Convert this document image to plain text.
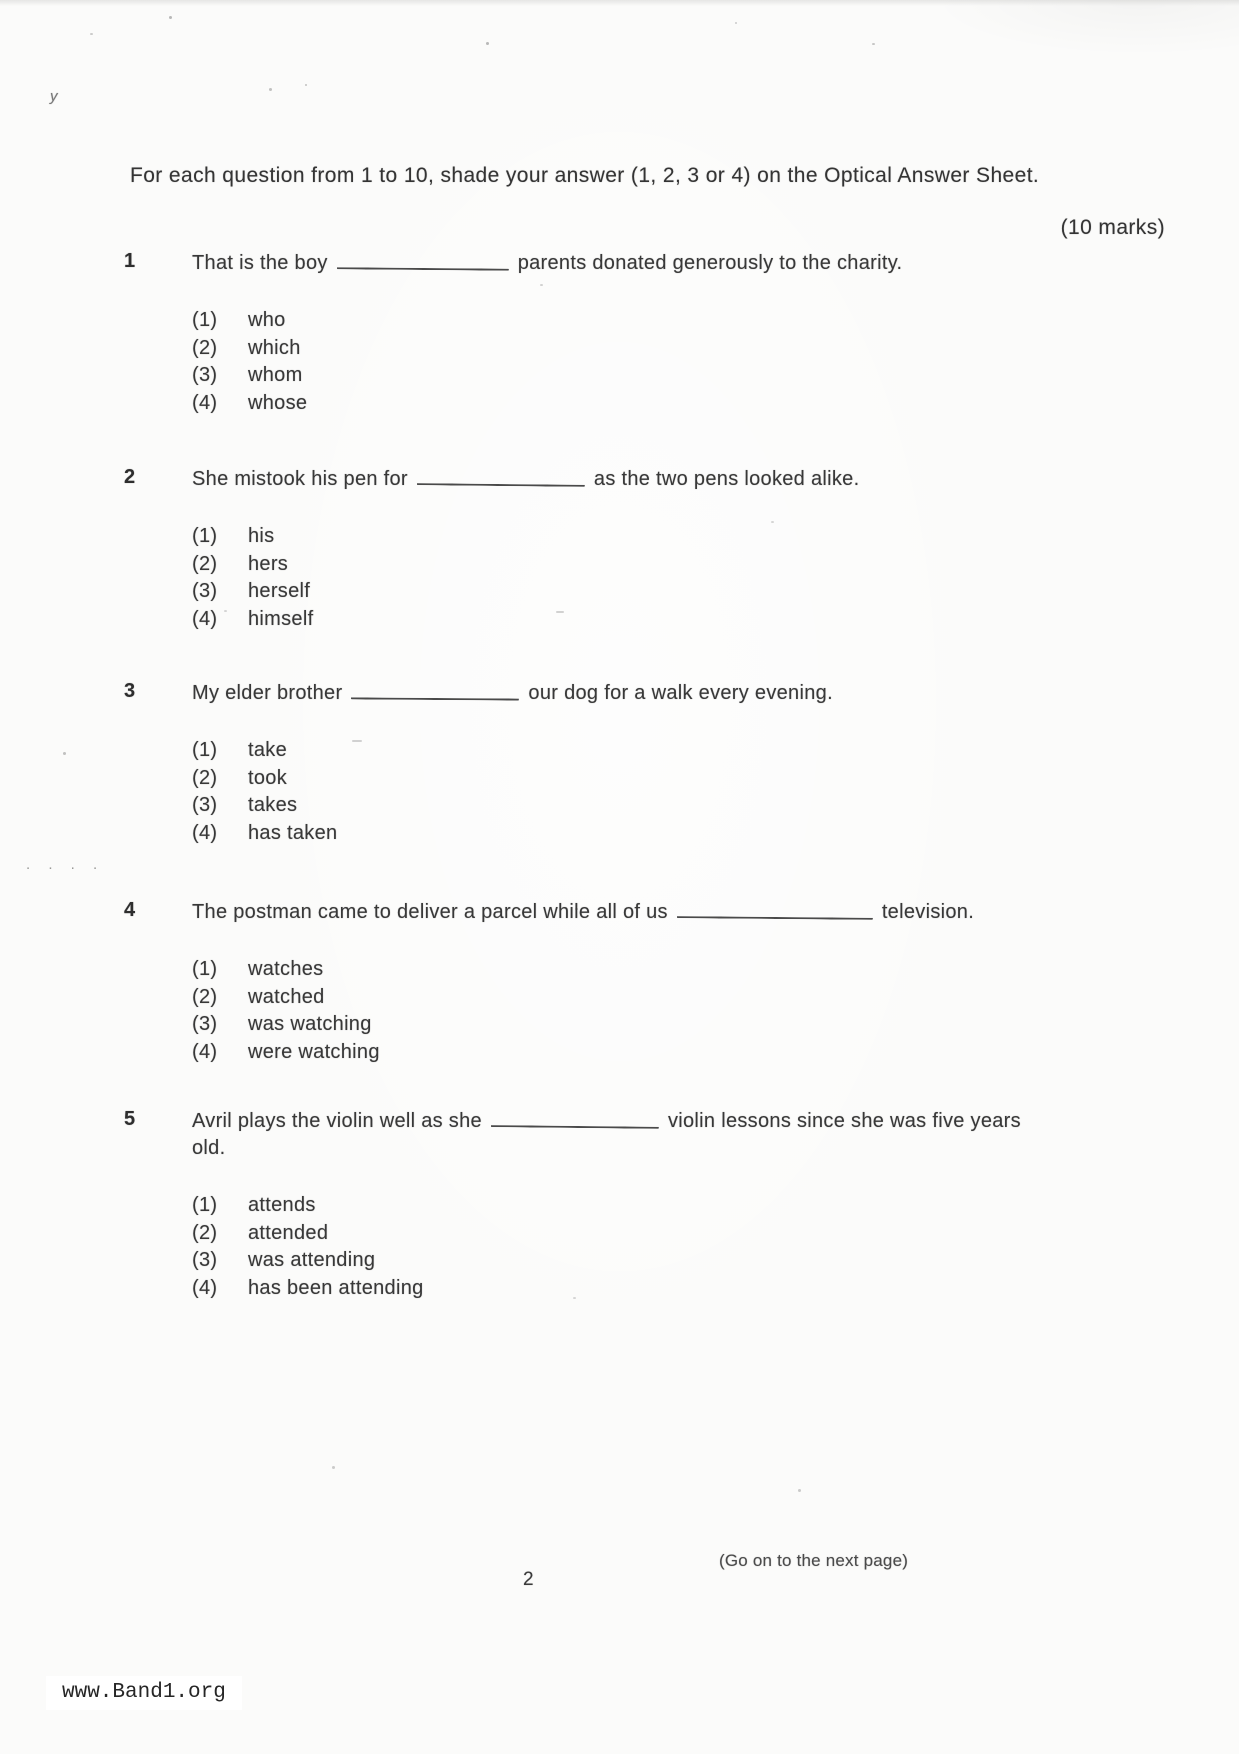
y
For each question from 1 to 10, shade your answer (1, 2, 3 or 4) on the Optical Answer Sheet.
(10 marks)
1	That is the boy	parents donated generously to the charity.
(1)	who
(2)	which
(3)	whom
(4)	whose
2	She mistook his pen for	as the two pens looked alike.
(1)	his
(2)	hers
(3)	herself
(4)	himself
3	My elder brother	our dog for a walk every evening.
(1)	take
(2)	took
(3)	takes
(4)	has taken
4	The postman came to deliver a parcel while all of us	television.
(1)	watches
(2)	watched
(3)	was watching
(4)	were watching
5	Avril plays the violin well as she	violin lessons since she was five years
old.
(1)	attends
(2)	attended
(3)	was attending
(4)	has been attending
. . . .
(Go on to the next page)
2
www.Band1.org
